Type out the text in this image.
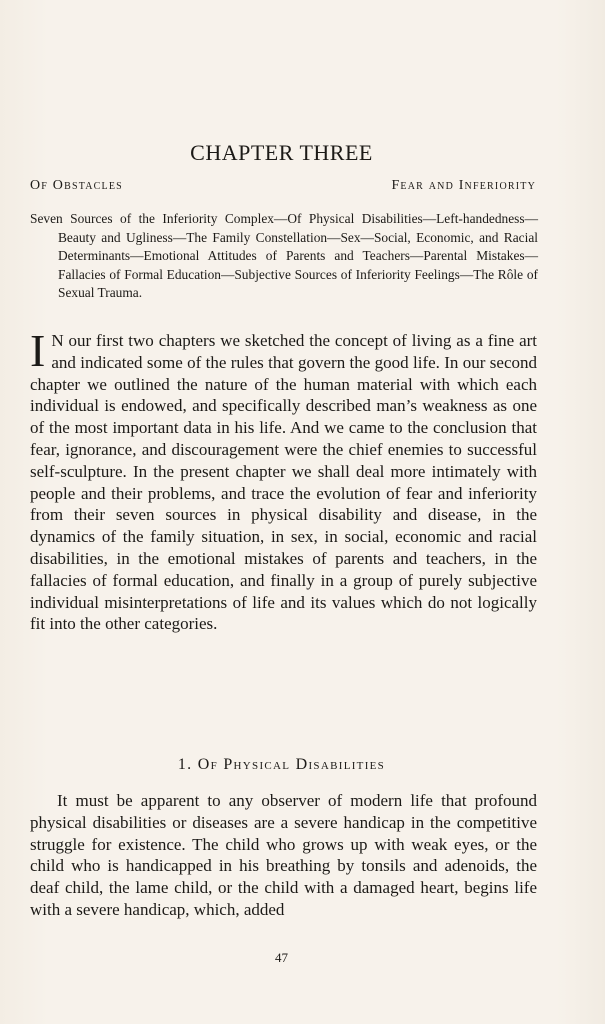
CHAPTER THREE
Of Obstacles	Fear and Inferiority
Seven Sources of the Inferiority Complex—Of Physical Disabilities—Left-handedness—Beauty and Ugliness—The Family Constellation—Sex—Social, Economic, and Racial Determinants—Emotional Attitudes of Parents and Teachers—Parental Mistakes—Fallacies of Formal Education—Subjective Sources of Inferiority Feelings—The Rôle of Sexual Trauma.
I N our first two chapters we sketched the concept of living as a fine art and indicated some of the rules that govern the good life. In our second chapter we outlined the nature of the human material with which each individual is endowed, and specifically described man’s weakness as one of the most important data in his life. And we came to the conclusion that fear, ignorance, and discouragement were the chief enemies to successful self-sculpture. In the present chapter we shall deal more intimately with people and their problems, and trace the evolution of fear and inferiority from their seven sources in physical disability and disease, in the dynamics of the family situation, in sex, in social, economic and racial disabilities, in the emotional mistakes of parents and teachers, in the fallacies of formal education, and finally in a group of purely subjective individual misinterpretations of life and its values which do not logically fit into the other categories.
1. Of Physical Disabilities
It must be apparent to any observer of modern life that profound physical disabilities or diseases are a severe handicap in the competitive struggle for existence. The child who grows up with weak eyes, or the child who is handicapped in his breathing by tonsils and adenoids, the deaf child, the lame child, or the child with a damaged heart, begins life with a severe handicap, which, added
47
